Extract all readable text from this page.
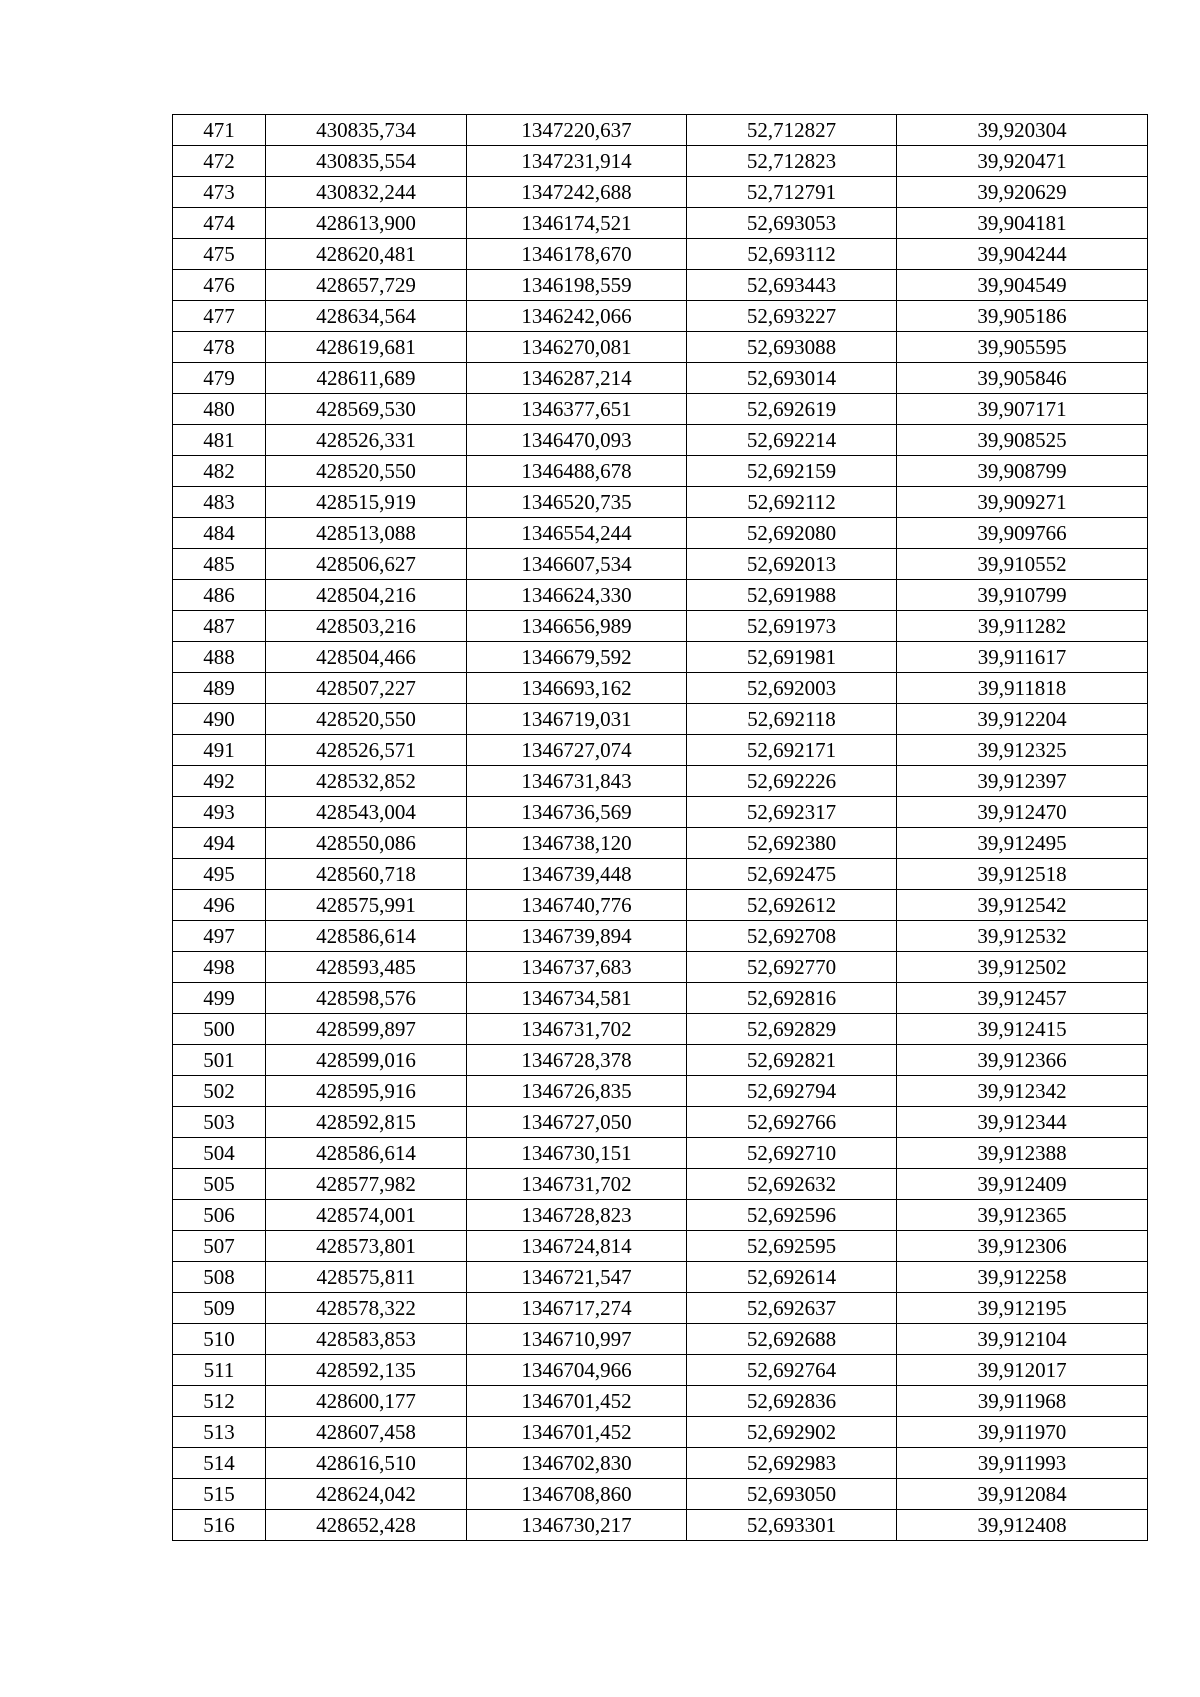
471	430835,734	1347220,637	52,712827	39,920304
472	430835,554	1347231,914	52,712823	39,920471
473	430832,244	1347242,688	52,712791	39,920629
474	428613,900	1346174,521	52,693053	39,904181
475	428620,481	1346178,670	52,693112	39,904244
476	428657,729	1346198,559	52,693443	39,904549
477	428634,564	1346242,066	52,693227	39,905186
478	428619,681	1346270,081	52,693088	39,905595
479	428611,689	1346287,214	52,693014	39,905846
480	428569,530	1346377,651	52,692619	39,907171
481	428526,331	1346470,093	52,692214	39,908525
482	428520,550	1346488,678	52,692159	39,908799
483	428515,919	1346520,735	52,692112	39,909271
484	428513,088	1346554,244	52,692080	39,909766
485	428506,627	1346607,534	52,692013	39,910552
486	428504,216	1346624,330	52,691988	39,910799
487	428503,216	1346656,989	52,691973	39,911282
488	428504,466	1346679,592	52,691981	39,911617
489	428507,227	1346693,162	52,692003	39,911818
490	428520,550	1346719,031	52,692118	39,912204
491	428526,571	1346727,074	52,692171	39,912325
492	428532,852	1346731,843	52,692226	39,912397
493	428543,004	1346736,569	52,692317	39,912470
494	428550,086	1346738,120	52,692380	39,912495
495	428560,718	1346739,448	52,692475	39,912518
496	428575,991	1346740,776	52,692612	39,912542
497	428586,614	1346739,894	52,692708	39,912532
498	428593,485	1346737,683	52,692770	39,912502
499	428598,576	1346734,581	52,692816	39,912457
500	428599,897	1346731,702	52,692829	39,912415
501	428599,016	1346728,378	52,692821	39,912366
502	428595,916	1346726,835	52,692794	39,912342
503	428592,815	1346727,050	52,692766	39,912344
504	428586,614	1346730,151	52,692710	39,912388
505	428577,982	1346731,702	52,692632	39,912409
506	428574,001	1346728,823	52,692596	39,912365
507	428573,801	1346724,814	52,692595	39,912306
508	428575,811	1346721,547	52,692614	39,912258
509	428578,322	1346717,274	52,692637	39,912195
510	428583,853	1346710,997	52,692688	39,912104
511	428592,135	1346704,966	52,692764	39,912017
512	428600,177	1346701,452	52,692836	39,911968
513	428607,458	1346701,452	52,692902	39,911970
514	428616,510	1346702,830	52,692983	39,911993
515	428624,042	1346708,860	52,693050	39,912084
516	428652,428	1346730,217	52,693301	39,912408
